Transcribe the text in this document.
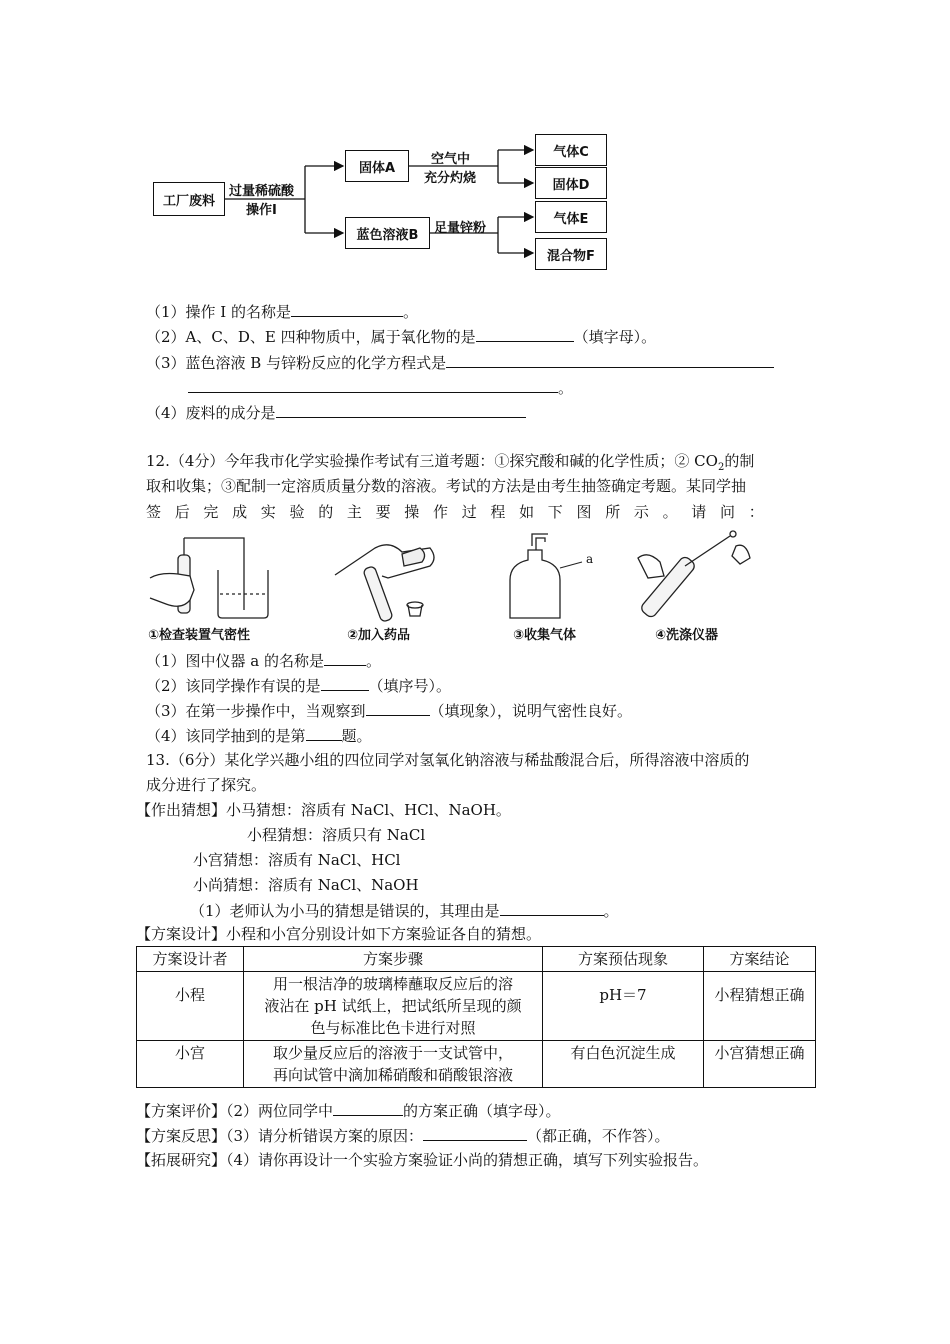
工厂废料
过量稀硫酸
操作I
固体A
蓝色溶液B
空气中
充分灼烧
足量锌粉
气体C
固体D
气体E
混合物F
（1）操作 I 的名称是	。
（2）A、C、D、E 四种物质中，属于氧化物的是	（填字母）。
（3）蓝色溶液 B 与锌粉反应的化学方程式是
。
（4）废料的成分是
12.（4分）今年我市化学实验操作考试有三道考题：①探究酸和碱的化学性质；② $CO_2$的制
取和收集；③配制一定溶质质量分数的溶液。考试的方法是由考生抽签确定考题。某同学抽
签后完成实验的主要操作过程如下图所示。请问：
a
①检查装置气密性	②加入药品	③收集气体	④洗涤仪器
（1）图中仪器 a 的名称是	。
（2）该同学操作有误的是	（填序号）。
（3）在第一步操作中，当观察到	（填现象），说明气密性良好。
（4）该同学抽到的是第 题。
13.（6分）某化学兴趣小组的四位同学对氢氧化钠溶液与稀盐酸混合后，所得溶液中溶质的
成分进行了探究。
【作出猜想】小马猜想：溶质有 NaCl、HCl、NaOH。
小程猜想：溶质只有 NaCl
小宫猜想：溶质有 NaCl、HCl
小尚猜想：溶质有 NaCl、NaOH
（1）老师认为小马的猜想是错误的，其理由是	。
【方案设计】小程和小宫分别设计如下方案验证各自的猜想。
方案设计者	方案步骤	方案预估现象	方案结论
小程	用一根洁净的玻璃棒蘸取反应后的溶
液沾在 pH 试纸上，把试纸所呈现的颜
色与标准比色卡进行对照	pH＝7	小程猜想正确
小宫	取少量反应后的溶液于一支试管中，
再向试管中滴加稀硝酸和硝酸银溶液	有白色沉淀生成	小宫猜想正确
【方案评价】（2）两位同学中	的方案正确（填字母）。
【方案反思】（3）请分析错误方案的原因：	（都正确，不作答）。
【拓展研究】（4）请你再设计一个实验方案验证小尚的猜想正确，填写下列实验报告。
